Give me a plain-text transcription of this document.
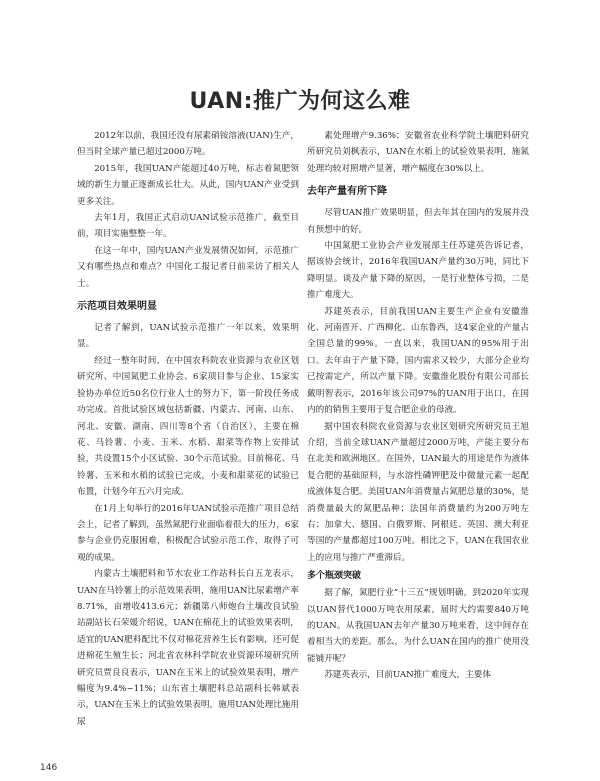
UAN:推广为何这么难

2012年以前，我国还没有尿素硝铵溶液(UAN)生产，但当时全球产量已超过2000万吨。

2015年，我国UAN产能超过40万吨，标志着氮肥领域的新生力量正逐渐成长壮大。从此，国内UAN产业受到更多关注。

去年1月，我国正式启动UAN试验示范推广，截至目前，项目实施整整一年。

在这一年中，国内UAN产业发展情况如何，示范推广又有哪些热点和难点？中国化工报记者日前采访了相关人士。

示范项目效果明显

记者了解到，UAN试验示范推广一年以来，效果明显。

经过一整年时间，在中国农科院农业资源与农业区划研究所、中国氮肥工业协会、6家项目参与企业、15家实验协办单位近50名位行业人士的努力下，第一阶段任务成功完成。首批试验区域包括新疆、内蒙古、河南、山东、河北、安徽、湖南、四川等8个省（自治区），主要在棉花、马铃薯、小麦、玉米、水稻、甜菜等作物上安排试验，共设置15个小区试验、30个示范试验。目前棉花、马铃薯、玉米和水稻的试验已完成，小麦和甜菜花的试验已布置，计划今年五六月完成。

在1月上旬举行的2016年UAN试验示范推广项目总结会上，记者了解到，虽然氮肥行业面临着很大的压力，6家参与企业仍克服困难，积极配合试验示范工作，取得了可观的成果。

内蒙古土壤肥料和节水农业工作站科长白五龙表示，UAN在马铃薯上的示范效果表明，施用UAN比尿素增产率8.71%，亩增收413.6元；新疆第八师炮台土壤改良试验站副站长石荣媛介绍说，UAN在棉花上的试验效果表明，适宜的UAN肥料配比不仅对棉花营养生长有影响，还可促进棉花生殖生长；河北省农林科学院农业资源环境研究所研究员贾良良表示，UAN在玉米上的试验效果表明，增产幅度为9.4%~11%；山东省土壤肥料总站副科长韩斌表示，UAN在玉米上的试验效果表明，施用UAN处理比施用尿

素处理增产9.36%；安徽省农业科学院土壤肥料研究所研究员刘枫表示，UAN在水稻上的试验效果表明，施氮处理均较对照增产显著，增产幅度在30%以上。

去年产量有所下降

尽管UAN推广效果明显，但去年其在国内的发展并没有预想中的好。

中国氮肥工业协会产业发展部主任苏建英告诉记者，据该协会统计，2016年我国UAN产量约30万吨，同比下降明显。谈及产量下降的原因，一是行业整体亏损，二是推广难度大。

苏建英表示，目前我国UAN主要生产企业有安徽淮化、河南晋开、广西柳化、山东鲁西，这4家企业的产量占全国总量的99%。一直以来，我国UAN的95%用于出口。去年由于产量下降，国内需求又较少，大部分企业均已按需定产，所以产量下降。安徽淮化股份有限公司部长戴明智表示，2016年该公司97%的UAN用于出口，在国内的的销售主要用于复合肥企业的母液。

据中国农科院农业资源与农业区划研究所研究员王旭介绍，当前全球UAN产量超过2000万吨，产能主要分布在北美和欧洲地区。在国外，UAN最大的用途是作为液体复合肥的基础原料，与水溶性磷钾肥及中微量元素一起配成液体复合肥。美国UAN年消费量占氮肥总量的30%，是消费量最大的氮肥品种；法国年消费量约为200万吨左右；加拿大、德国、白俄罗斯、阿根廷、英国、澳大利亚等国的产量都超过100万吨。相比之下，UAN在我国农业上的应用与推广严重滞后。

多个瓶颈突破

据了解，氮肥行业“十三五”规划明确，到2020年实现以UAN替代1000万吨农用尿素，届时大约需要840万吨的UAN。从我国UAN去年产量30万吨来看，这中间存在着相当大的差距。那么，为什么UAN在国内的推广使用没能铺开呢？

苏建英表示，目前UAN推广难度大，主要体

146
